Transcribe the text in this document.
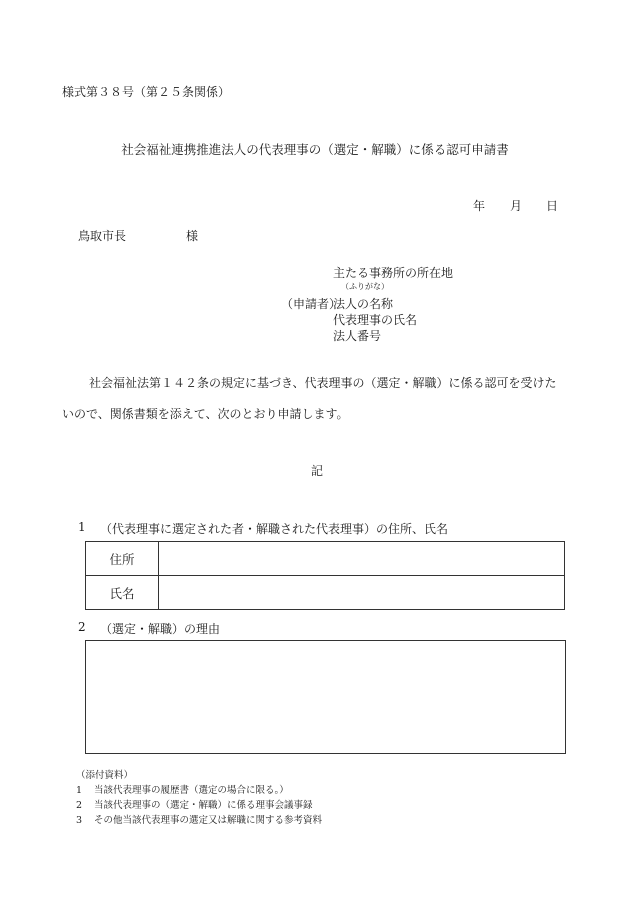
様式第３８号（第２５条関係）
社会福祉連携推進法人の代表理事の（選定・解職）に係る認可申請書
年 月 日
鳥取市長	様
主たる事務所の所在地
（ふりがな）
（申請者）
法人の名称
代表理事の氏名
法人番号
社会福祉法第１４２条の規定に基づき、代表理事の（選定・解職）に係る認可を受けた
いので、関係書類を添えて、次のとおり申請します。
記
1 （代表理事に選定された者・解職された代表理事）の住所、氏名
住所	
氏名	
2 （選定・解職）の理由
（添付資料）
1 当該代表理事の履歴書（選定の場合に限る。）
2 当該代表理事の（選定・解職）に係る理事会議事録
3 その他当該代表理事の選定又は解職に関する参考資料
